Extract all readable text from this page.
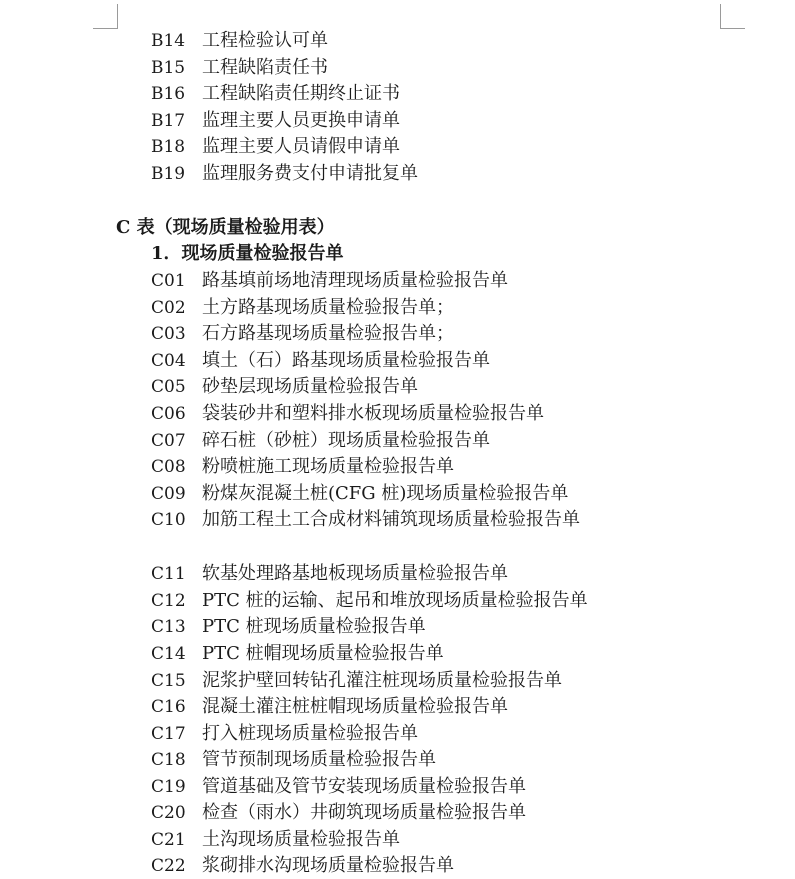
B14 工程检验认可单
B15 工程缺陷责任书
B16 工程缺陷责任期终止证书
B17 监理主要人员更换申请单
B18 监理主要人员请假申请单
B19 监理服务费支付申请批复单
C 表（现场质量检验用表）
1．现场质量检验报告单
C01 路基填前场地清理现场质量检验报告单
C02 土方路基现场质量检验报告单；
C03 石方路基现场质量检验报告单；
C04 填土（石）路基现场质量检验报告单
C05 砂垫层现场质量检验报告单
C06 袋装砂井和塑料排水板现场质量检验报告单
C07 碎石桩（砂桩）现场质量检验报告单
C08 粉喷桩施工现场质量检验报告单
C09 粉煤灰混凝土桩(CFG 桩)现场质量检验报告单
C10 加筋工程土工合成材料铺筑现场质量检验报告单
C11 软基处理路基地板现场质量检验报告单
C12 PTC 桩的运输、起吊和堆放现场质量检验报告单
C13 PTC 桩现场质量检验报告单
C14 PTC 桩帽现场质量检验报告单
C15 泥浆护壁回转钻孔灌注桩现场质量检验报告单
C16 混凝土灌注桩桩帽现场质量检验报告单
C17 打入桩现场质量检验报告单
C18 管节预制现场质量检验报告单
C19 管道基础及管节安装现场质量检验报告单
C20 检查（雨水）井砌筑现场质量检验报告单
C21 土沟现场质量检验报告单
C22 浆砌排水沟现场质量检验报告单
